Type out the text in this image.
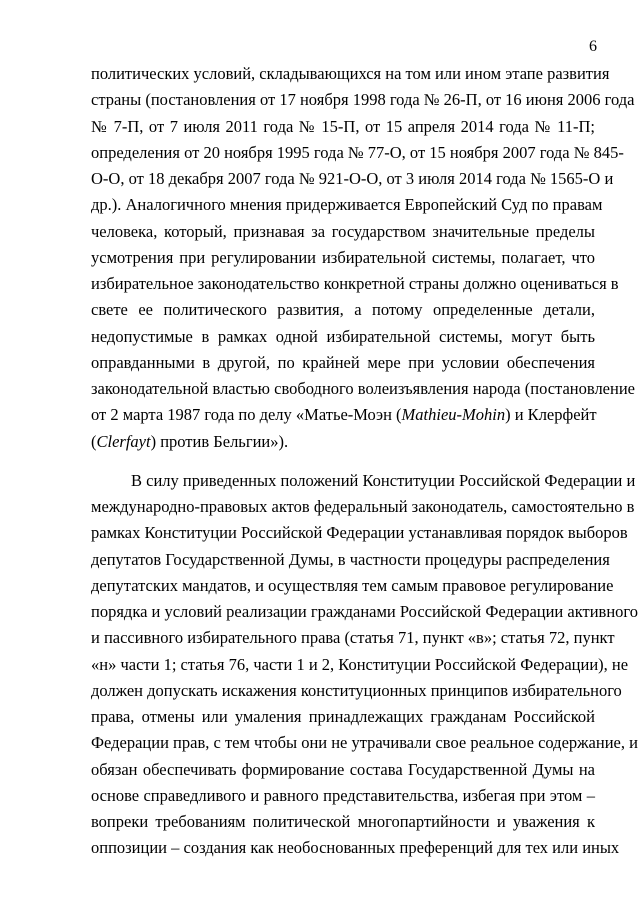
6
политических условий, складывающихся на том или ином этапе развития
страны (постановления от 17 ноября 1998 года № 26-П, от 16 июня 2006 года
№ 7-П, от 7 июля 2011 года № 15-П, от 15 апреля 2014 года № 11-П;
определения от 20 ноября 1995 года № 77-О, от 15 ноября 2007 года № 845-
О-О, от 18 декабря 2007 года № 921-О-О, от 3 июля 2014 года № 1565-О и
др.). Аналогичного мнения придерживается Европейский Суд по правам
человека, который, признавая за государством значительные пределы
усмотрения при регулировании избирательной системы, полагает, что
избирательное законодательство конкретной страны должно оцениваться в
свете ее политического развития, а потому определенные детали,
недопустимые в рамках одной избирательной системы, могут быть
оправданными в другой, по крайней мере при условии обеспечения
законодательной властью свободного волеизъявления народа (постановление
от 2 марта 1987 года по делу «Матье-Моэн (Mathieu-Mohin) и Клерфейт
(Clerfayt) против Бельгии»).
В силу приведенных положений Конституции Российской Федерации и
международно-правовых актов федеральный законодатель, самостоятельно в
рамках Конституции Российской Федерации устанавливая порядок выборов
депутатов Государственной Думы, в частности процедуры распределения
депутатских мандатов, и осуществляя тем самым правовое регулирование
порядка и условий реализации гражданами Российской Федерации активного
и пассивного избирательного права (статья 71, пункт «в»; статья 72, пункт
«н» части 1; статья 76, части 1 и 2, Конституции Российской Федерации), не
должен допускать искажения конституционных принципов избирательного
права, отмены или умаления принадлежащих гражданам Российской
Федерации прав, с тем чтобы они не утрачивали свое реальное содержание, и
обязан обеспечивать формирование состава Государственной Думы на
основе справедливого и равного представительства, избегая при этом –
вопреки требованиям политической многопартийности и уважения к
оппозиции – создания как необоснованных преференций для тех или иных
